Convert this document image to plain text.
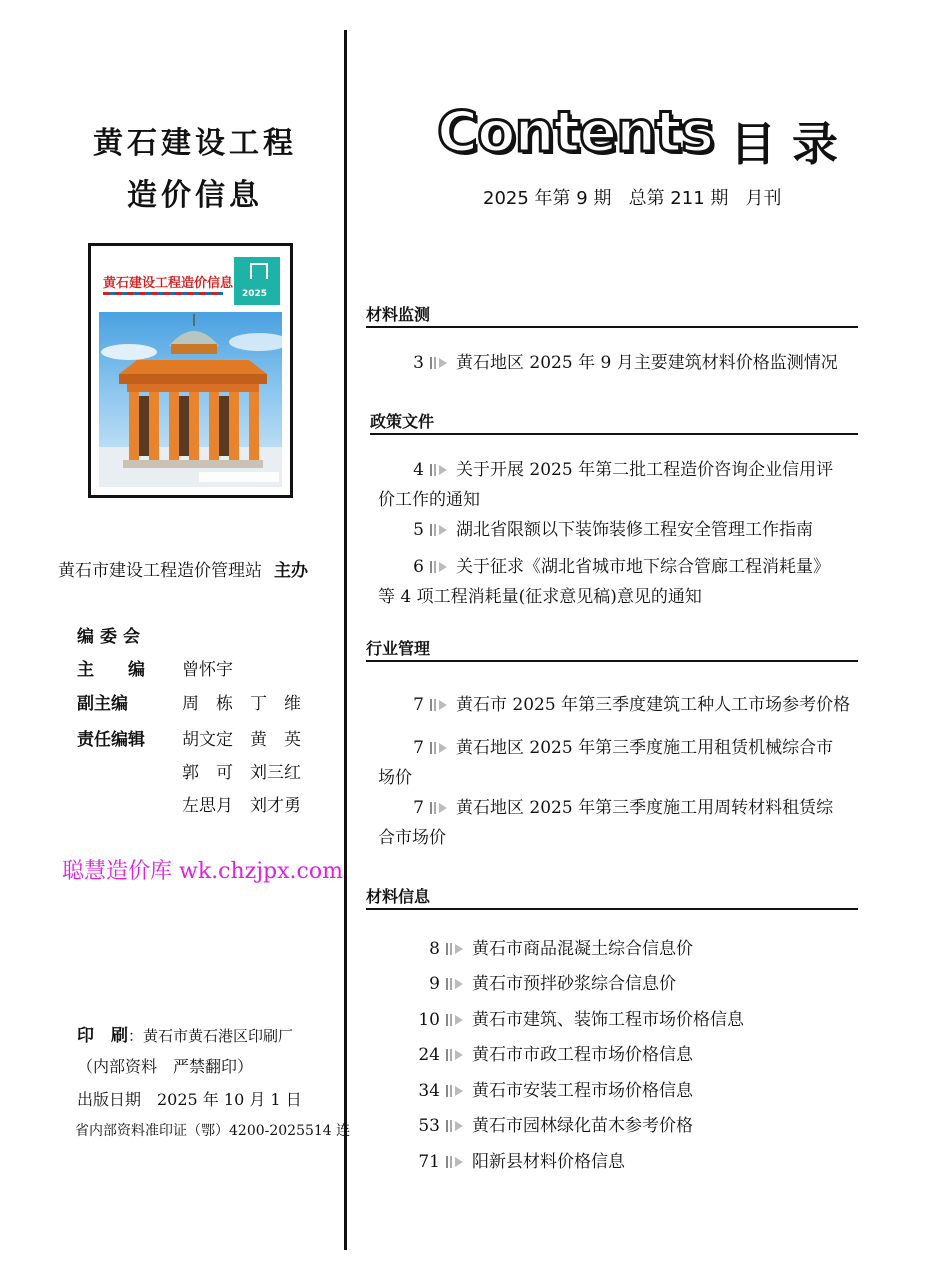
黄石建设工程
造价信息
黄石建设工程造价信息
2025
黄石市建设工程造价管理站 主办
编委会
主　　编 曾怀宇
副主编	周　栋　丁　维
责任编辑 胡文定　黄　英
郭　可　刘三红
左思月　刘才勇
聪慧造价库 wk.chzjpx.com
印　刷：黄石市黄石港区印刷厂
（内部资料　严禁翻印）
出版日期　2025 年 10 月 1 日
省内部资料准印证（鄂）4200-2025514 连
Contents 目录
2025 年第 9 期   总第 211 期   月刊
材料监测
3 黄石地区 2025 年 9 月主要建筑材料价格监测情况
政策文件
4 关于开展 2025 年第二批工程造价咨询企业信用评
价工作的通知
5 湖北省限额以下装饰装修工程安全管理工作指南
6 关于征求《湖北省城市地下综合管廊工程消耗量》
等 4 项工程消耗量(征求意见稿)意见的通知
行业管理
7 黄石市 2025 年第三季度建筑工种人工市场参考价格
7 黄石地区 2025 年第三季度施工用租赁机械综合市
场价
7 黄石地区 2025 年第三季度施工用周转材料租赁综
合市场价
材料信息
8 黄石市商品混凝土综合信息价
9 黄石市预拌砂浆综合信息价
10 黄石市建筑、装饰工程市场价格信息
24 黄石市市政工程市场价格信息
34 黄石市安装工程市场价格信息
53 黄石市园林绿化苗木参考价格
71 阳新县材料价格信息
